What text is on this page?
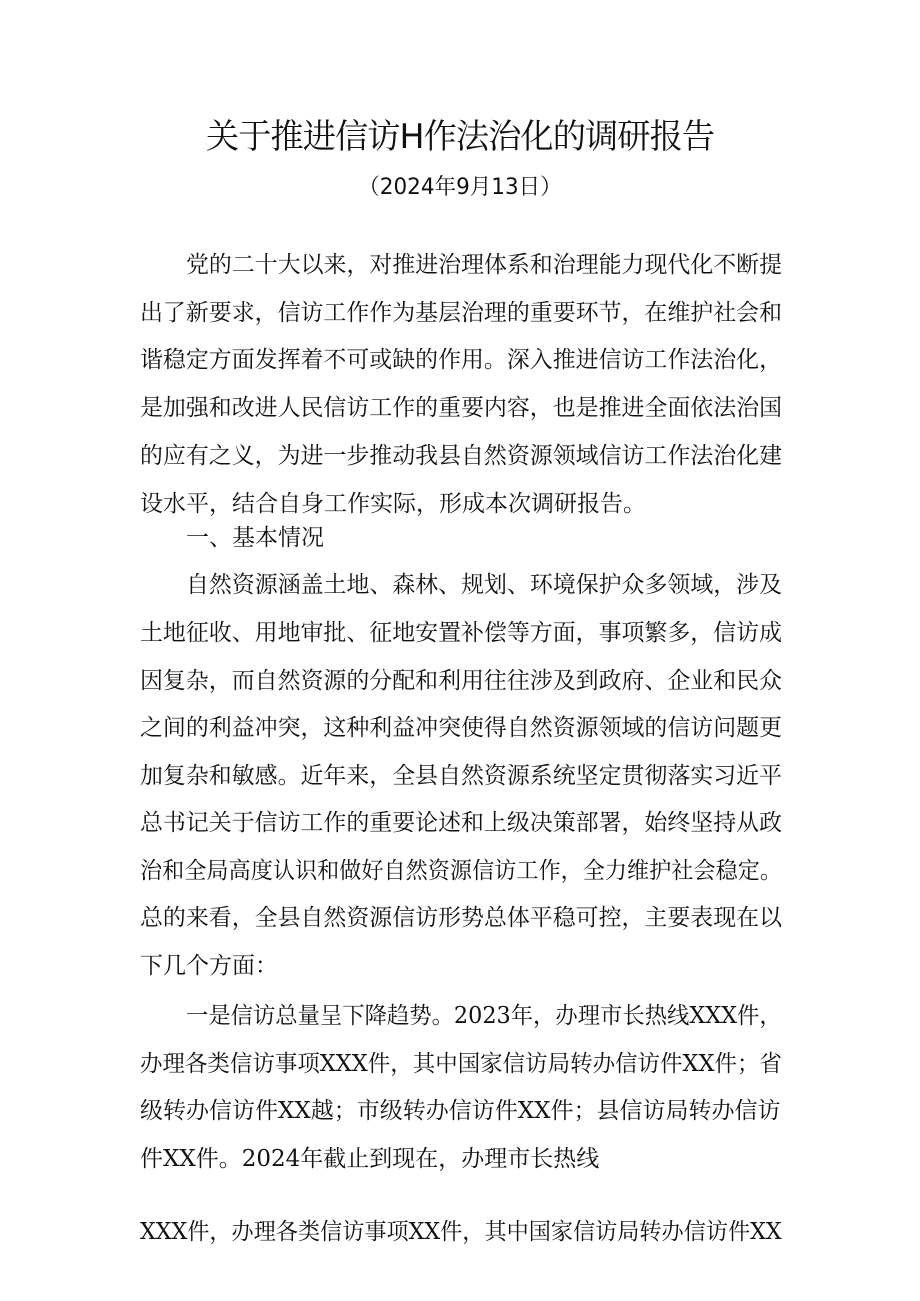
关于推进信访H作法治化的调研报告
（2024年9月13日）
党的二十大以来，对推进治理体系和治理能力现代化不断提
出了新要求，信访工作作为基层治理的重要环节，在维护社会和
谐稳定方面发挥着不可或缺的作用。深入推进信访工作法治化，
是加强和改进人民信访工作的重要内容，也是推进全面依法治国
的应有之义，为进一步推动我县自然资源领域信访工作法治化建
设水平，结合自身工作实际，形成本次调研报告。
一、基本情况
自然资源涵盖土地、森林、规划、环境保护众多领域，涉及
土地征收、用地审批、征地安置补偿等方面，事项繁多，信访成
因复杂，而自然资源的分配和利用往往涉及到政府、企业和民众
之间的利益冲突，这种利益冲突使得自然资源领域的信访问题更
加复杂和敏感。近年来，全县自然资源系统坚定贯彻落实习近平
总书记关于信访工作的重要论述和上级决策部署，始终坚持从政
治和全局高度认识和做好自然资源信访工作，全力维护社会稳定。
总的来看，全县自然资源信访形势总体平稳可控，主要表现在以
下几个方面：
一是信访总量呈下降趋势。2023年，办理市长热线XXX件，
办理各类信访事项XXX件，其中国家信访局转办信访件XX件；省
级转办信访件XX越；市级转办信访件XX件；县信访局转办信访
件XX件。2024年截止到现在，办理市长热线
XXX件，办理各类信访事项XX件，其中国家信访局转办信访件XX
